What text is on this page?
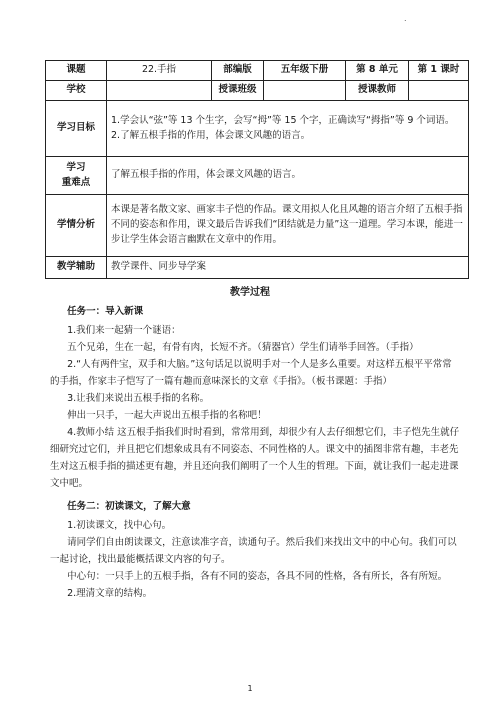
.
课题	22.手指	部编版	五年级下册	第 8 单元	第 1 课时
学校		授课班级		授课教师	
学习目标	1.学会认“弦”等 13 个生字，会写“拇”等 15 个字，正确读写“拇指”等 9 个词语。

2.了解五根手指的作用，体会课文风趣的语言。				

学习
重难点	了解五根手指的作用，体会课文风趣的语言。				
学情分析	本课是著名散文家、画家丰子恺的作品。课文用拟人化且风趣的语言介绍了五根手指不同的姿态和作用，课文最后告诉我们“团结就是力量”这一道理。学习本课，能进一步让学生体会语言幽默在文章中的作用。				
教学辅助	教学课件、同步导学案				
教学过程

任务一：导入新课

1.我们来一起猜一个谜语：

五个兄弟，生在一起，有骨有肉，长短不齐。（猜器官）学生们请举手回答。（手指）

2.“人有两件宝，双手和大脑。”这句话足以说明手对一个人是多么重要。对这样五根平平常常的手指，作家丰子恺写了一篇有趣而意味深长的文章《手指》。（板书课题：手指）

3.让我们来说出五根手指的名称。

伸出一只手，一起大声说出五根手指的名称吧！

4.教师小结 这五根手指我们时时看到，常常用到，却很少有人去仔细想它们，丰子恺先生就仔细研究过它们，并且把它们想象成具有不同姿态、不同性格的人。课文中的插图非常有趣，丰老先生对这五根手指的描述更有趣，并且还向我们阐明了一个人生的哲理。下面，就让我们一起走进课文中吧。

任务二：初读课文，了解大意

1.初读课文，找中心句。

请同学们自由朗读课文，注意读准字音，读通句子。然后我们来找出文中的中心句。我们可以一起讨论，找出最能概括课文内容的句子。

中心句：一只手上的五根手指，各有不同的姿态，各具不同的性格，各有所长，各有所短。

2.理清文章的结构。

1
